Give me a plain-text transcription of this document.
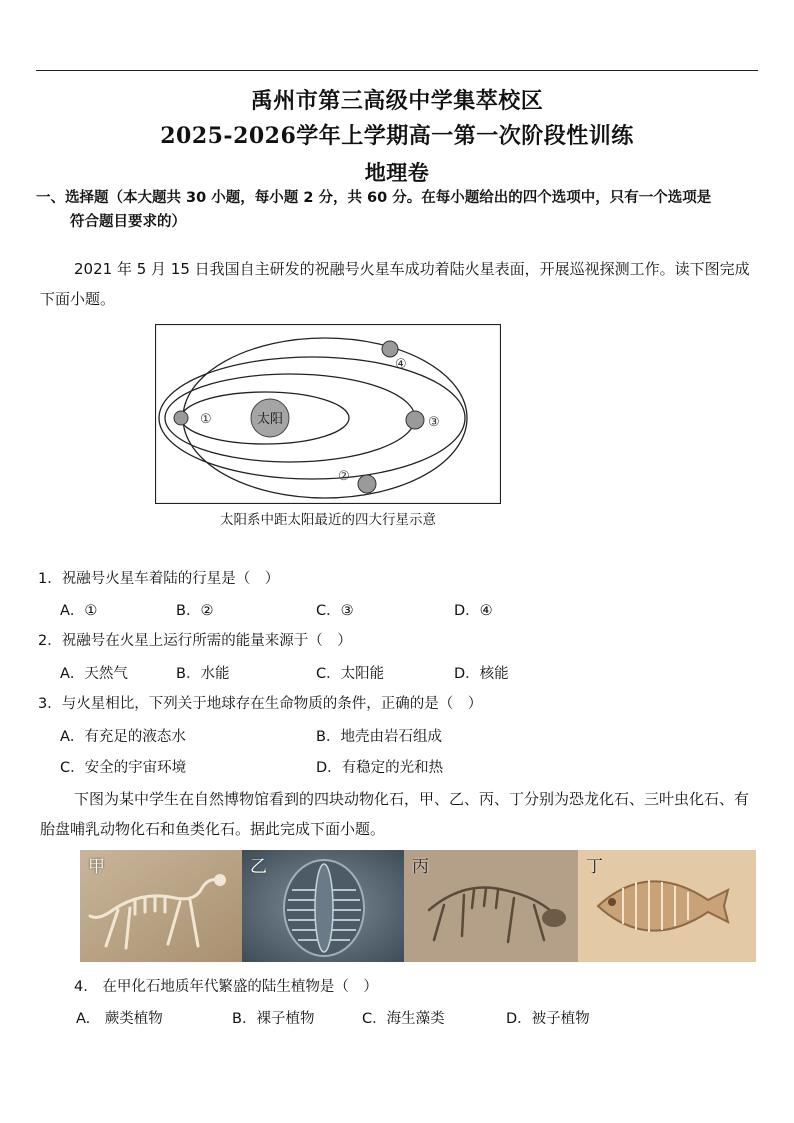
禹州市第三高级中学集萃校区
2025-2026学年上学期高一第一次阶段性训练
地理卷
一、选择题（本大题共 30 小题，每小题 2 分，共 60 分。在每小题给出的四个选项中，只有一个选项是
符合题目要求的）
2021 年 5 月 15 日我国自主研发的祝融号火星车成功着陆火星表面，开展巡视探测工作。读下图完成下面小题。
太阳
①
②
③
④
太阳系中距太阳最近的四大行星示意
1．祝融号火星车着陆的行星是（　）
A．①	B．②	C．③	D．④
2．祝融号在火星上运行所需的能量来源于（　）
A．天然气	B．水能	C．太阳能	D．核能
3．与火星相比，下列关于地球存在生命物质的条件，正确的是（　）
A．有充足的液态水	B．地壳由岩石组成
C．安全的宇宙环境	D．有稳定的光和热
下图为某中学生在自然博物馆看到的四块动物化石，甲、乙、丙、丁分别为恐龙化石、三叶虫化石、有胎盘哺乳动物化石和鱼类化石。据此完成下面小题。
甲	乙	丙	丁
4.　在甲化石地质年代繁盛的陆生植物是（　）
A.　蕨类植物	B．裸子植物	C．海生藻类	D．被子植物
